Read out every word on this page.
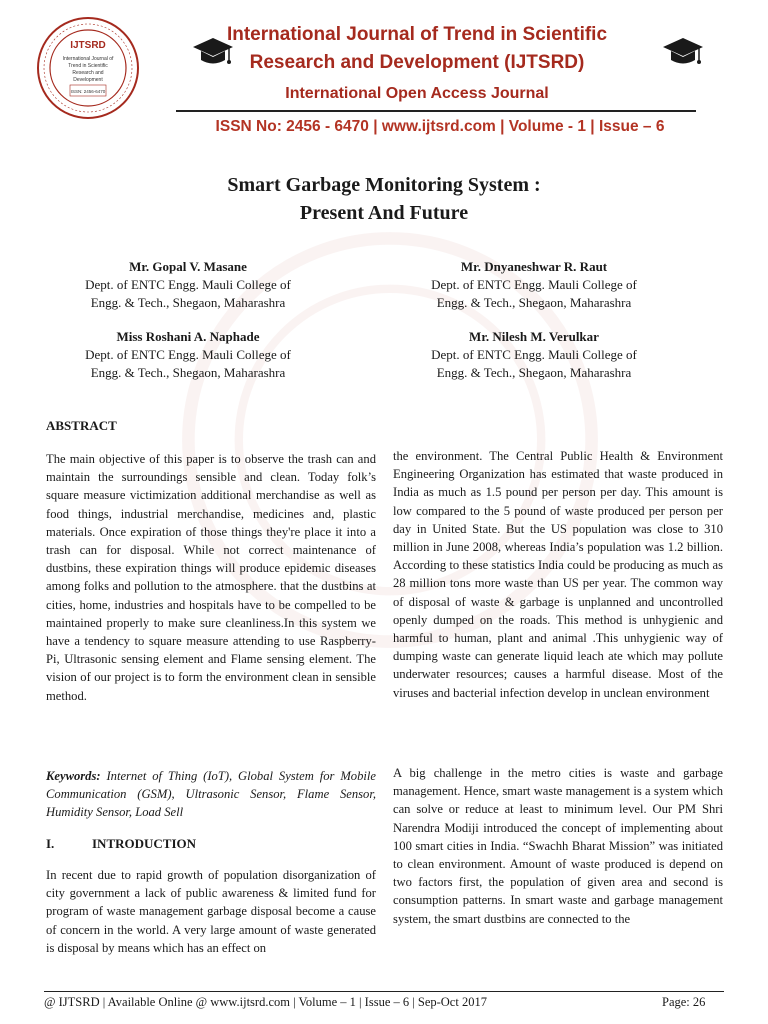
IJTSRD
International Journal of
Trend in Scientific
Research and
Development
ISSN: 2456-6470
International Journal of Trend in Scientific
Research and Development (IJTSRD)
International Open Access Journal
ISSN No: 2456 - 6470 | www.ijtsrd.com | Volume - 1 | Issue – 6
Smart Garbage Monitoring System :
Present And Future
Mr. Gopal V. Masane
Dept. of ENTC Engg. Mauli College of
Engg. & Tech., Shegaon, Maharashra
Mr. Dnyaneshwar R. Raut
Dept. of ENTC Engg. Mauli College of
Engg. & Tech., Shegaon, Maharashra
Miss Roshani A. Naphade
Dept. of ENTC Engg. Mauli College of
Engg. & Tech., Shegaon, Maharashra
Mr. Nilesh M. Verulkar
Dept. of ENTC Engg. Mauli College of
Engg. & Tech., Shegaon, Maharashra
ABSTRACT
The main objective of this paper is to observe the trash can and maintain the surroundings sensible and clean. Today folk’s square measure victimization additional merchandise as well as food things, industrial merchandise, medicines and, plastic materials. Once expiration of those things they're place it into a trash can for disposal. While not correct maintenance of dustbins, these expiration things will produce epidemic diseases among folks and pollution to the atmosphere. that the dustbins at cities, home, industries and hospitals have to be compelled to be maintained properly to make sure cleanliness.In this system we have a tendency to square measure attending to use Raspberry-Pi, Ultrasonic sensing element and Flame sensing element. The vision of our project is to form the environment clean in sensible method.
Keywords: Internet of Thing (IoT), Global System for Mobile Communication (GSM), Ultrasonic Sensor, Flame Sensor, Humidity Sensor, Load Sell
I.	INTRODUCTION
In recent due to rapid growth of population disorganization of city government a lack of public awareness & limited fund for program of waste management garbage disposal become a cause of concern in the world. A very large amount of waste generated is disposal by means which has an effect on
the environment. The Central Public Health & Environment Engineering Organization has estimated that waste produced in India as much as 1.5 pound per person per day. This amount is low compared to the 5 pound of waste produced per person per day in United State. But the US population was close to 310 million in June 2008, whereas India’s population was 1.2 billion. According to these statistics India could be producing as much as 28 million tons more waste than US per year. The common way of disposal of waste & garbage is unplanned and uncontrolled openly dumped on the roads. This method is unhygienic and harmful to human, plant and animal .This unhygienic way of dumping waste can generate liquid leach ate which may pollute underwater resources; causes a harmful disease. Most of the viruses and bacterial infection develop in unclean environment
A big challenge in the metro cities is waste and garbage management. Hence, smart waste management is a system which can solve or reduce at least to minimum level. Our PM Shri Narendra Modiji introduced the concept of implementing about 100 smart cities in India. “Swachh Bharat Mission” was initiated to clean environment. Amount of waste produced is depend on two factors first, the population of given area and second is consumption patterns. In smart waste and garbage management system, the smart dustbins are connected to the
@ IJTSRD | Available Online @ www.ijtsrd.com | Volume – 1 | Issue – 6 | Sep-Oct 2017	Page: 26
